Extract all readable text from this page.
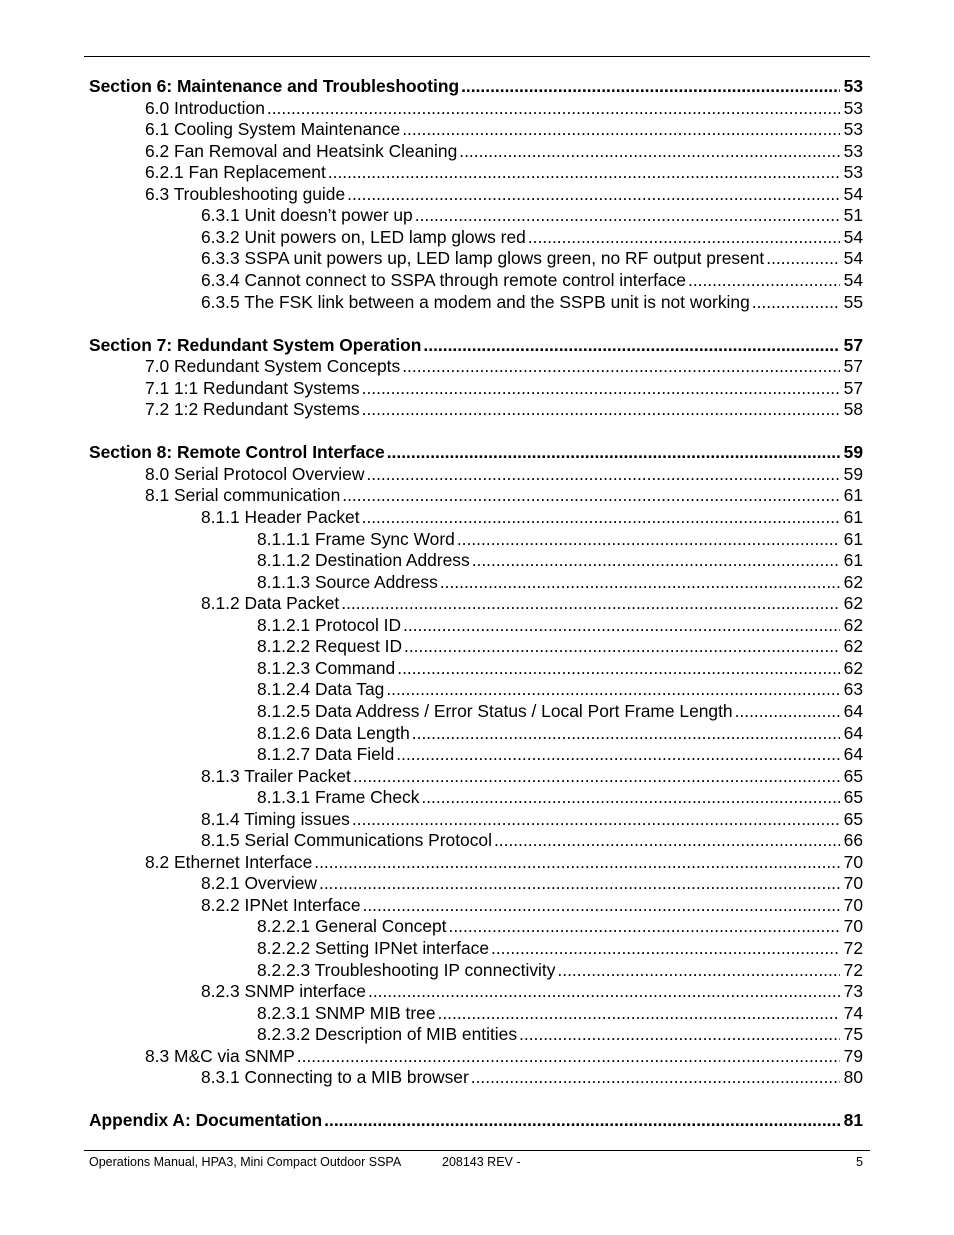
Section 6: Maintenance and Troubleshooting .....	53
6.0 Introduction .....	53
6.1 Cooling System Maintenance .....	53
6.2 Fan Removal and Heatsink Cleaning .....	53
6.2.1 Fan Replacement .....	53
6.3 Troubleshooting guide .....	54
6.3.1 Unit doesn’t power up .....	51
6.3.2 Unit powers on, LED lamp glows red .....	54
6.3.3 SSPA unit powers up, LED lamp glows green, no RF output present .....	54
6.3.4 Cannot connect to SSPA through remote control interface .....	54
6.3.5 The FSK link between a modem and the SSPB unit is not working .....	55
Section 7: Redundant System Operation .....	57
7.0 Redundant System Concepts .....	57
7.1 1:1 Redundant Systems .....	57
7.2 1:2 Redundant Systems .....	58
Section 8: Remote Control Interface .....	59
8.0 Serial Protocol Overview .....	59
8.1 Serial communication .....	61
8.1.1 Header Packet .....	61
8.1.1.1 Frame Sync Word .....	61
8.1.1.2 Destination Address .....	61
8.1.1.3 Source Address .....	62
8.1.2 Data Packet .....	62
8.1.2.1 Protocol ID .....	62
8.1.2.2 Request ID .....	62
8.1.2.3 Command .....	62
8.1.2.4 Data Tag .....	63
8.1.2.5 Data Address / Error Status / Local Port Frame Length .....	64
8.1.2.6 Data Length .....	64
8.1.2.7 Data Field .....	64
8.1.3 Trailer Packet .....	65
8.1.3.1 Frame Check .....	65
8.1.4 Timing issues .....	65
8.1.5 Serial Communications Protocol .....	66
8.2 Ethernet Interface .....	70
8.2.1 Overview .....	70
8.2.2 IPNet Interface .....	70
8.2.2.1 General Concept .....	70
8.2.2.2 Setting IPNet interface .....	72
8.2.2.3 Troubleshooting IP connectivity .....	72
8.2.3 SNMP interface .....	73
8.2.3.1 SNMP MIB tree .....	74
8.2.3.2 Description of MIB entities .....	75
8.3 M&C via SNMP .....	79
8.3.1 Connecting to a MIB browser .....	80
Appendix A: Documentation .....	81
Operations Manual, HPA3, Mini Compact Outdoor SSPA	208143 REV -	5
